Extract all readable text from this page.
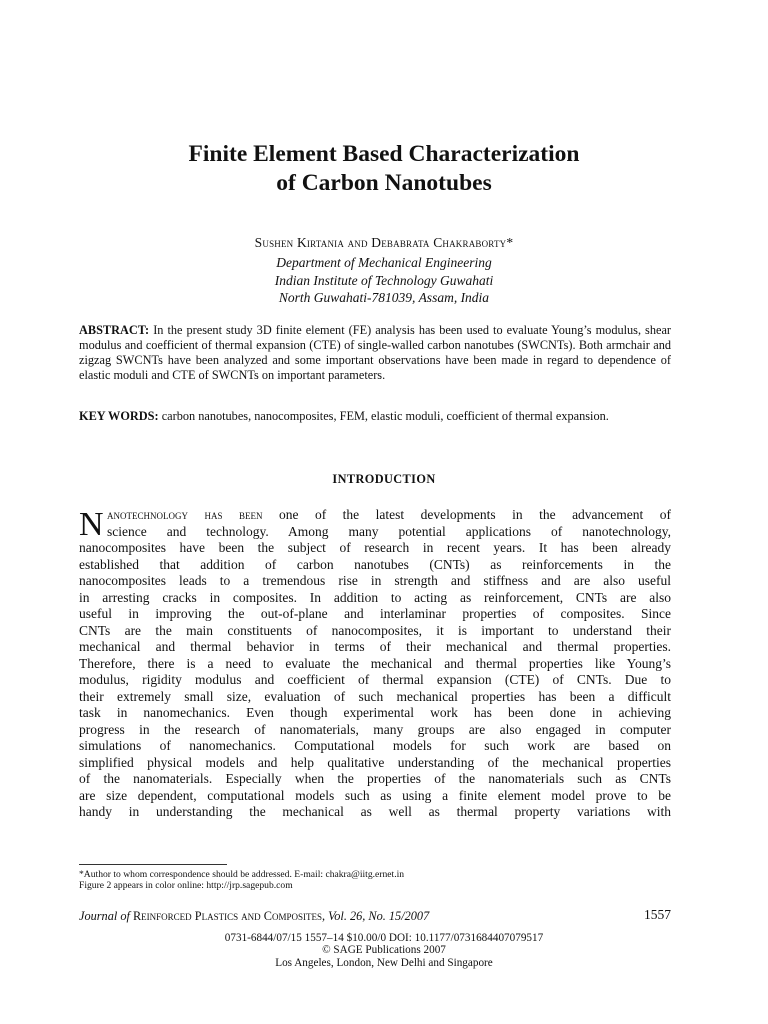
Finite Element Based Characterization
of Carbon Nanotubes
Sushen Kirtania and Debabrata Chakraborty*
Department of Mechanical Engineering
Indian Institute of Technology Guwahati
North Guwahati-781039, Assam, India
ABSTRACT: In the present study 3D finite element (FE) analysis has been used to evaluate Young’s modulus, shear modulus and coefficient of thermal expansion (CTE) of single-walled carbon nanotubes (SWCNTs). Both armchair and zigzag SWCNTs have been analyzed and some important observations have been made in regard to dependence of elastic moduli and CTE of SWCNTs on important parameters.
KEY WORDS: carbon nanotubes, nanocomposites, FEM, elastic moduli, coefficient of thermal expansion.
INTRODUCTION
N anotechnology has been one of the latest developments in the advancement of
science and technology. Among many potential applications of nanotechnology,
nanocomposites have been the subject of research in recent years. It has been already
established that addition of carbon nanotubes (CNTs) as reinforcements in the
nanocomposites leads to a tremendous rise in strength and stiffness and are also useful
in arresting cracks in composites. In addition to acting as reinforcement, CNTs are also
useful in improving the out-of-plane and interlaminar properties of composites. Since
CNTs are the main constituents of nanocomposites, it is important to understand their
mechanical and thermal behavior in terms of their mechanical and thermal properties.
Therefore, there is a need to evaluate the mechanical and thermal properties like Young’s
modulus, rigidity modulus and coefficient of thermal expansion (CTE) of CNTs. Due to
their extremely small size, evaluation of such mechanical properties has been a difficult
task in nanomechanics. Even though experimental work has been done in achieving
progress in the research of nanomaterials, many groups are also engaged in computer
simulations of nanomechanics. Computational models for such work are based on
simplified physical models and help qualitative understanding of the mechanical properties
of the nanomaterials. Especially when the properties of the nanomaterials such as CNTs
are size dependent, computational models such as using a finite element model prove to be
handy in understanding the mechanical as well as thermal property variations with
*Author to whom correspondence should be addressed. E-mail: chakra@iitg.ernet.in
Figure 2 appears in color online: http://jrp.sagepub.com
Journal of Reinforced Plastics and Composites, Vol. 26, No. 15/2007	1557
0731-6844/07/15 1557–14 $10.00/0 DOI: 10.1177/0731684407079517
© SAGE Publications 2007
Los Angeles, London, New Delhi and Singapore
